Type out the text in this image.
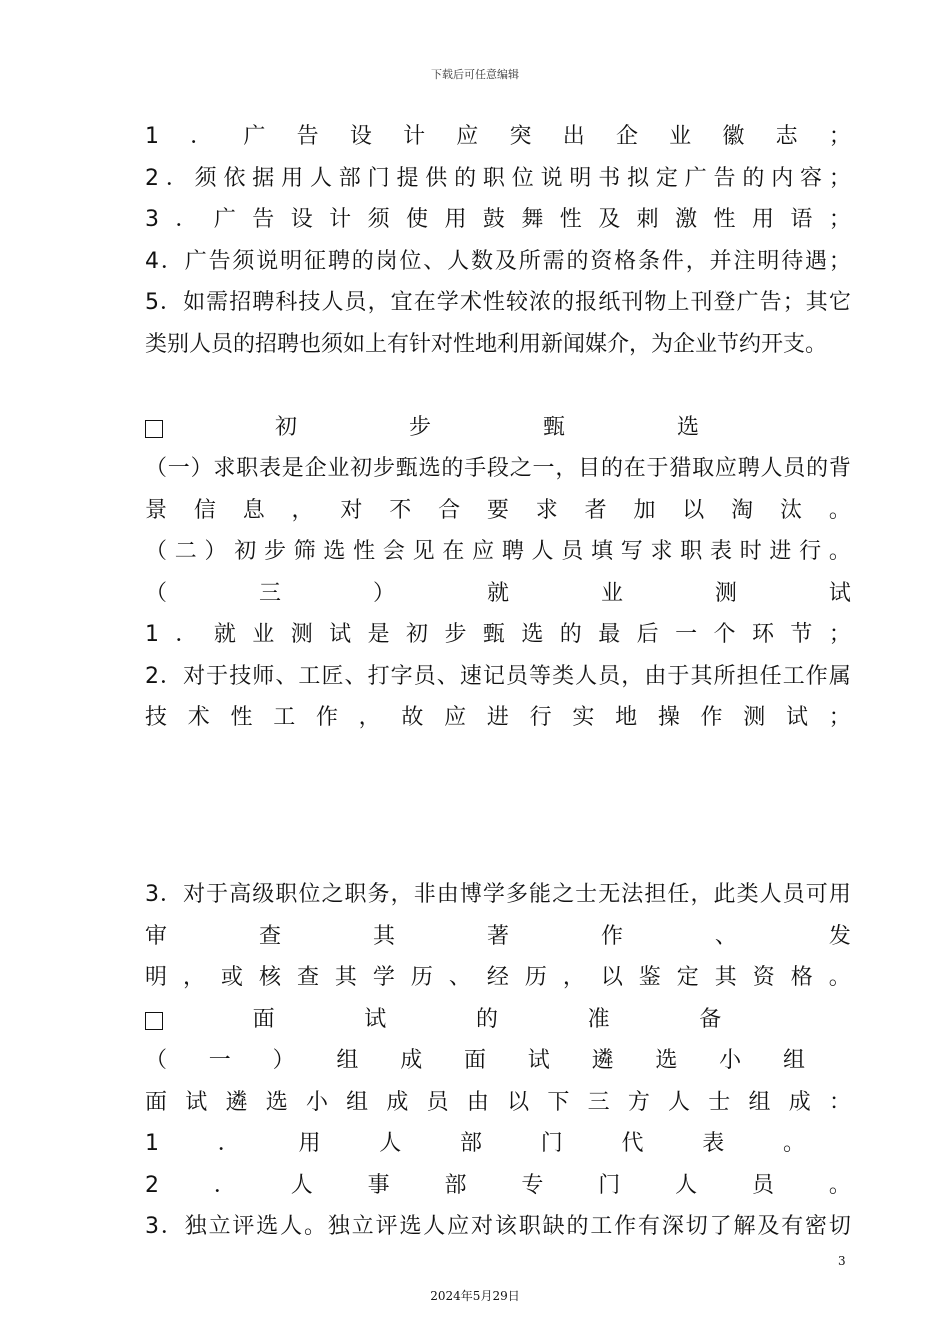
下载后可任意编辑
1 ． 广 告 设 计 应 突 出 企 业 徽 志 ；
2 ． 须 依 据 用 人 部 门 提 供 的 职 位 说 明 书 拟 定 广 告 的 内 容 ；
3 ． 广 告 设 计 须 使 用 鼓 舞 性 及 刺 激 性 用 语 ；
4 ． 广 告 须 说 明 征 聘 的 岗 位 、 人 数 及 所 需 的 资 格 条 件 ， 并 注 明 待 遇 ；
5 ． 如 需 招 聘 科 技 人 员 ， 宜 在 学 术 性 较 浓 的 报 纸 刊 物 上 刊 登 广 告 ； 其 它
类别人员的招聘也须如上有针对性地利用新闻媒介，为企业节约开支。
初	步	甄	选
（ 一 ） 求 职 表 是 企 业 初 步 甄 选 的 手 段 之 一 ， 目 的 在 于 猎 取 应 聘 人 员 的 背
景 信 息 ， 对 不 合 要 求 者 加 以 淘 汰 。
（ 二 ） 初 步 筛 选 性 会 见 在 应 聘 人 员 填 写 求 职 表 时 进 行 。
（	三	）	就	业	测	试
1 ． 就 业 测 试 是 初 步 甄 选 的 最 后 一 个 环 节 ；
2 ． 对 于 技 师 、 工 匠 、 打 字 员 、 速 记 员 等 类 人 员 ， 由 于 其 所 担 任 工 作 属
技 术 性 工 作 ， 故 应 进 行 实 地 操 作 测 试 ；
3 ． 对 于 高 级 职 位 之 职 务 ， 非 由 博 学 多 能 之 士 无 法 担 任 ， 此 类 人 员 可 用
审	查	其	著	作	、	发
明 ， 或 核 查 其 学 历 、 经 历 ， 以 鉴 定 其 资 格 。
面	试	的	准	备
（ 一 ） 组 成 面 试 遴 选 小 组
面 试 遴 选 小 组 成 员 由 以 下 三 方 人 士 组 成 ：
1	．	用	人	部	门	代	表	。
2 ． 人 事 部 专 门 人 员 。
3 ． 独 立 评 选 人 。 独 立 评 选 人 应 对 该 职 缺 的 工 作 有 深 切 了 解 及 有 密 切
3
2024年5月29日
